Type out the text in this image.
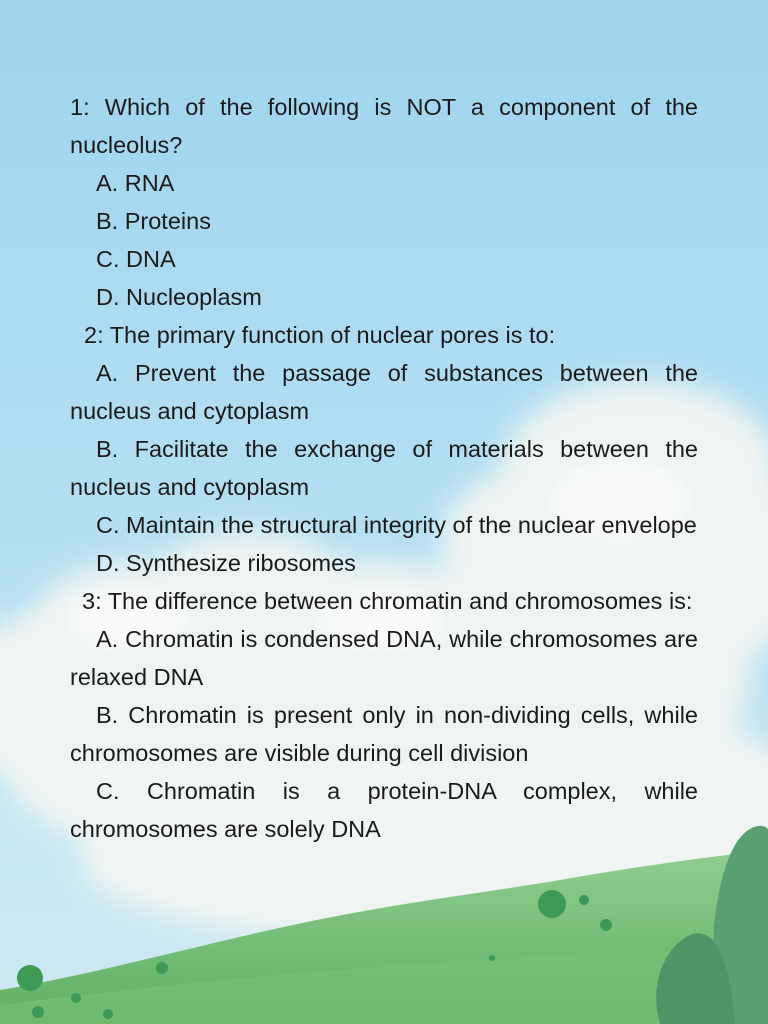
1: Which of the following is NOT a component of the nucleolus?

A. RNA

B. Proteins

C. DNA

D. Nucleoplasm

2: The primary function of nuclear pores is to:

A. Prevent the passage of substances between the nucleus and cytoplasm

B. Facilitate the exchange of materials between the nucleus and cytoplasm

C. Maintain the structural integrity of the nuclear envelope

D. Synthesize ribosomes

3: The difference between chromatin and chromosomes is:

A. Chromatin is condensed DNA, while chromosomes are relaxed DNA

B. Chromatin is present only in non-dividing cells, while chromosomes are visible during cell division

C. Chromatin is a protein-DNA complex, while chromosomes are solely DNA
